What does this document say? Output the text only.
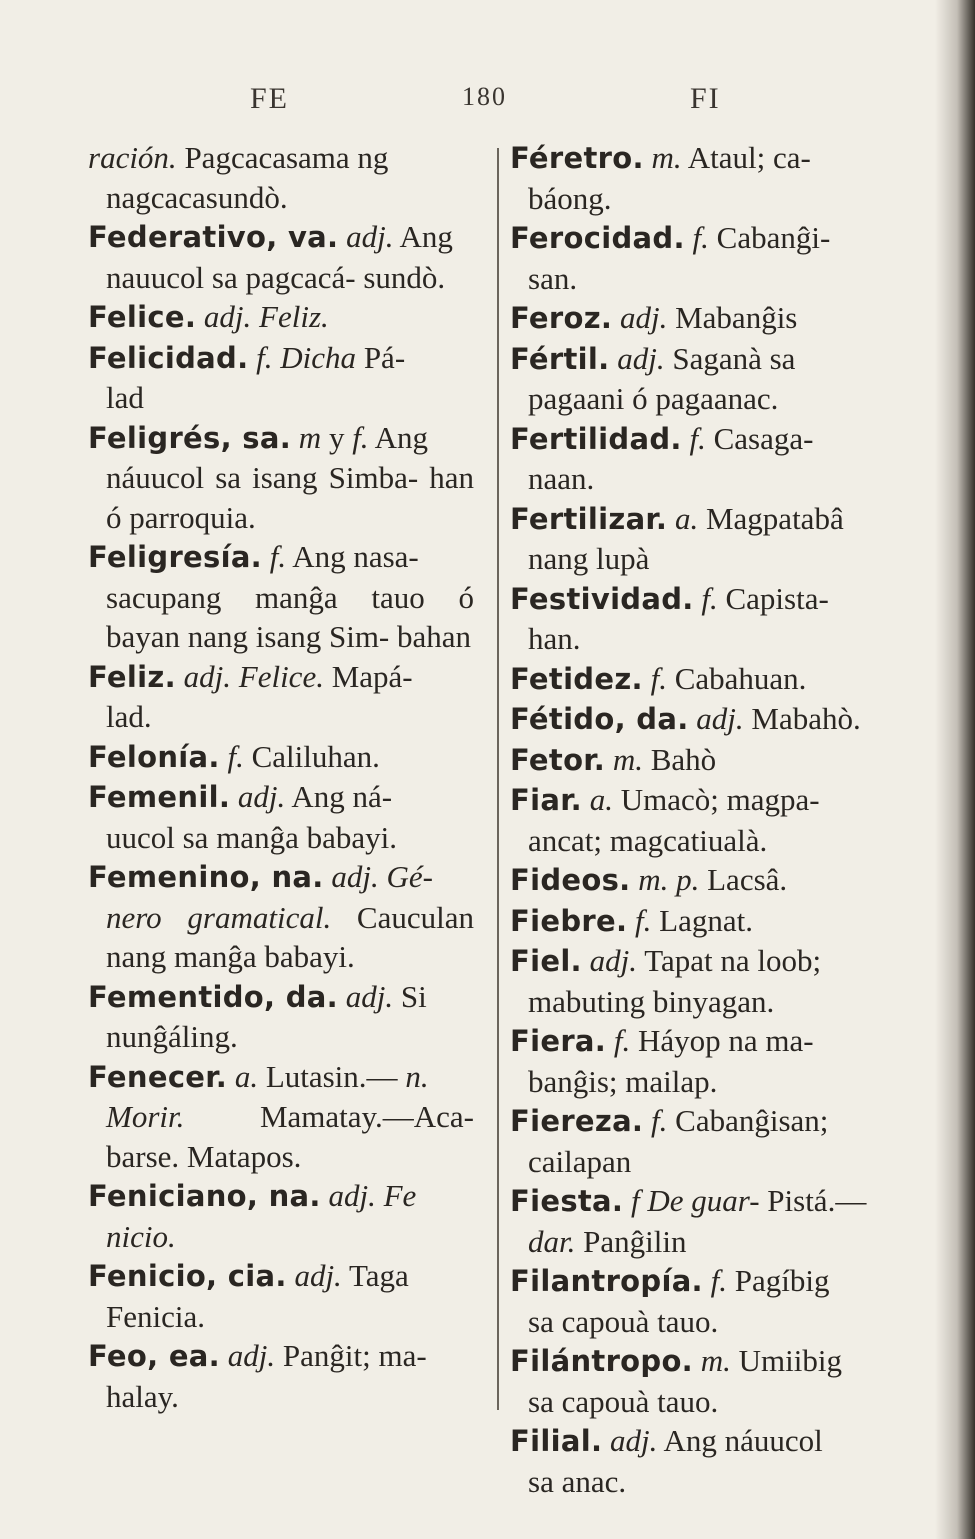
FE	180	FI

ración. Pagcacasama ng
nagcacasundò.

Federativo, va. adj. Ang
nauucol sa pagcacá- sundò.

Felice. adj. Feliz.

Felicidad. f. Dicha Pá-
lad

Feligrés, sa. m y f. Ang
náuucol sa isang Simba- han ó parroquia.

Feligresía. f. Ang nasa-
sacupang manĝa tauo ó bayan nang isang Sim- bahan

Feliz. adj. Felice. Mapá-
lad.

Felonía. f. Caliluhan.

Femenil. adj. Ang ná-
uucol sa manĝa babayi.

Femenino, na. adj. Gé-
nero gramatical. Cauculan nang manĝa babayi.

Fementido, da. adj. Si
nunĝáling.

Fenecer. a. Lutasin.— n.
Morir. Mamatay.—Aca- barse. Matapos.

Feniciano, na. adj. Fe
nicio.

Fenicio, cia. adj. Taga
Fenicia.

Feo, ea. adj. Panĝit; ma-
halay.

Féretro. m. Ataul; ca-
báong.

Ferocidad. f. Cabanĝi-
san.

Feroz. adj. Mabanĝis

Fértil. adj. Saganà sa
pagaani ó pagaanac.

Fertilidad. f. Casaga-
naan.

Fertilizar. a. Magpatabâ
nang lupà

Festividad. f. Capista-
han.

Fetidez. f. Cabahuan.

Fétido, da. adj. Mabahò.

Fetor. m. Bahò

Fiar. a. Umacò; magpa-
ancat; magcatiualà.

Fideos. m. p. Lacsâ.

Fiebre. f. Lagnat.

Fiel. adj. Tapat na loob;
mabuting binyagan.

Fiera. f. Háyop na ma-
banĝis; mailap.

Fiereza. f. Cabanĝisan;
cailapan

Fiesta. f De guar- Pistá.—
dar. Panĝilin

Filantropía. f. Pagíbig
sa capouà tauo.

Filántropo. m. Umiibig
sa capouà tauo.

Filial. adj. Ang náuucol
sa anac.
